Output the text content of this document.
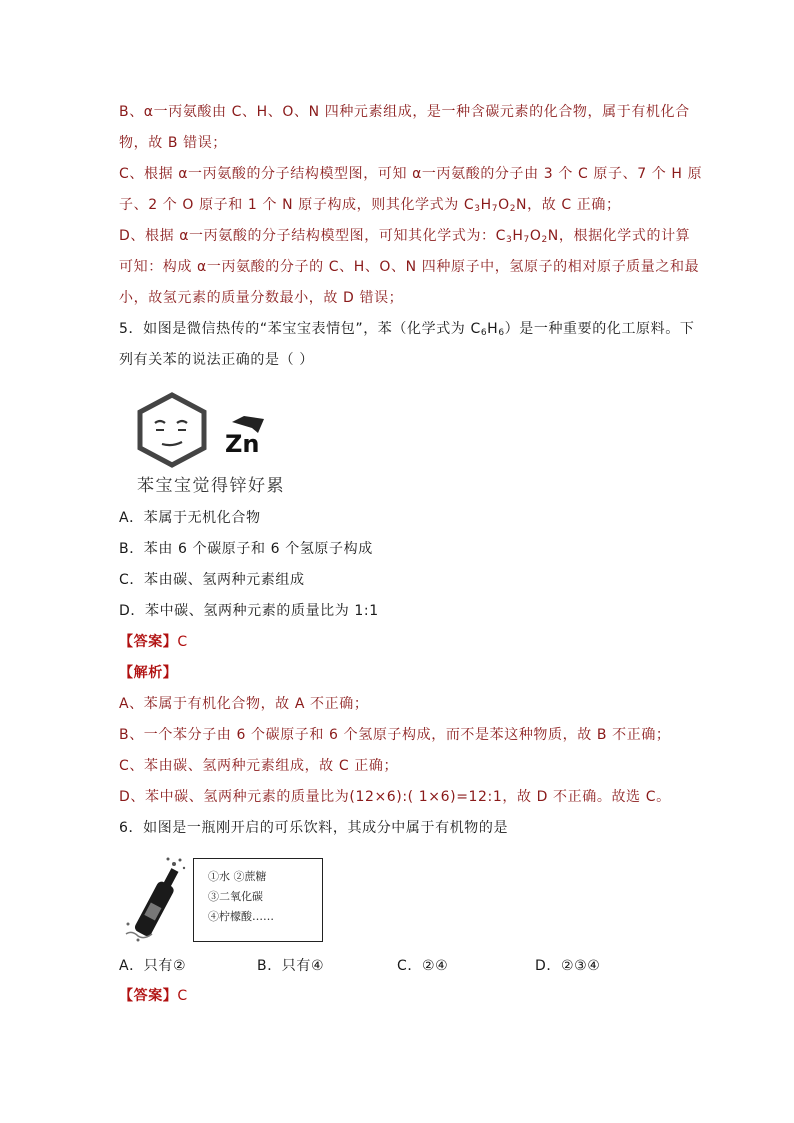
B、α一丙氨酸由 C、H、O、N 四种元素组成，是一种含碳元素的化合物，属于有机化合

物，故 B 错误；

C、根据 α一丙氨酸的分子结构模型图，可知 α一丙氨酸的分子由 3 个 C 原子、7 个 H 原

子、2 个 O 原子和 1 个 N 原子构成，则其化学式为 $C_3H_7O_2N$，故 C 正确；

D、根据 α一丙氨酸的分子结构模型图，可知其化学式为：$C_3H_7O_2N$，根据化学式的计算

可知：构成 α一丙氨酸的分子的 C、H、O、N 四种原子中，氢原子的相对原子质量之和最

小，故氢元素的质量分数最小，故 D 错误；

5．如图是微信热传的“苯宝宝表情包”，苯（化学式为 $C_6H_6$）是一种重要的化工原料。下

列有关苯的说法正确的是（ ）

Zn
苯宝宝觉得锌好累

A．苯属于无机化合物

B．苯由 6 个碳原子和 6 个氢原子构成

C．苯由碳、氢两种元素组成

D．苯中碳、氢两种元素的质量比为 1:1

【答案】C

【解析】

A、苯属于有机化合物，故 A 不正确；

B、一个苯分子由 6 个碳原子和 6 个氢原子构成，而不是苯这种物质，故 B 不正确；

C、苯由碳、氢两种元素组成，故 C 正确；

D、苯中碳、氢两种元素的质量比为(12×6):( 1×6)=12:1，故 D 不正确。故选 C。

6．如图是一瓶刚开启的可乐饮料，其成分中属于有机物的是

①水 ②蔗糖
③二氧化碳
④柠檬酸……
A．只有②	B．只有④	C．②④	D．②③④

【答案】C
